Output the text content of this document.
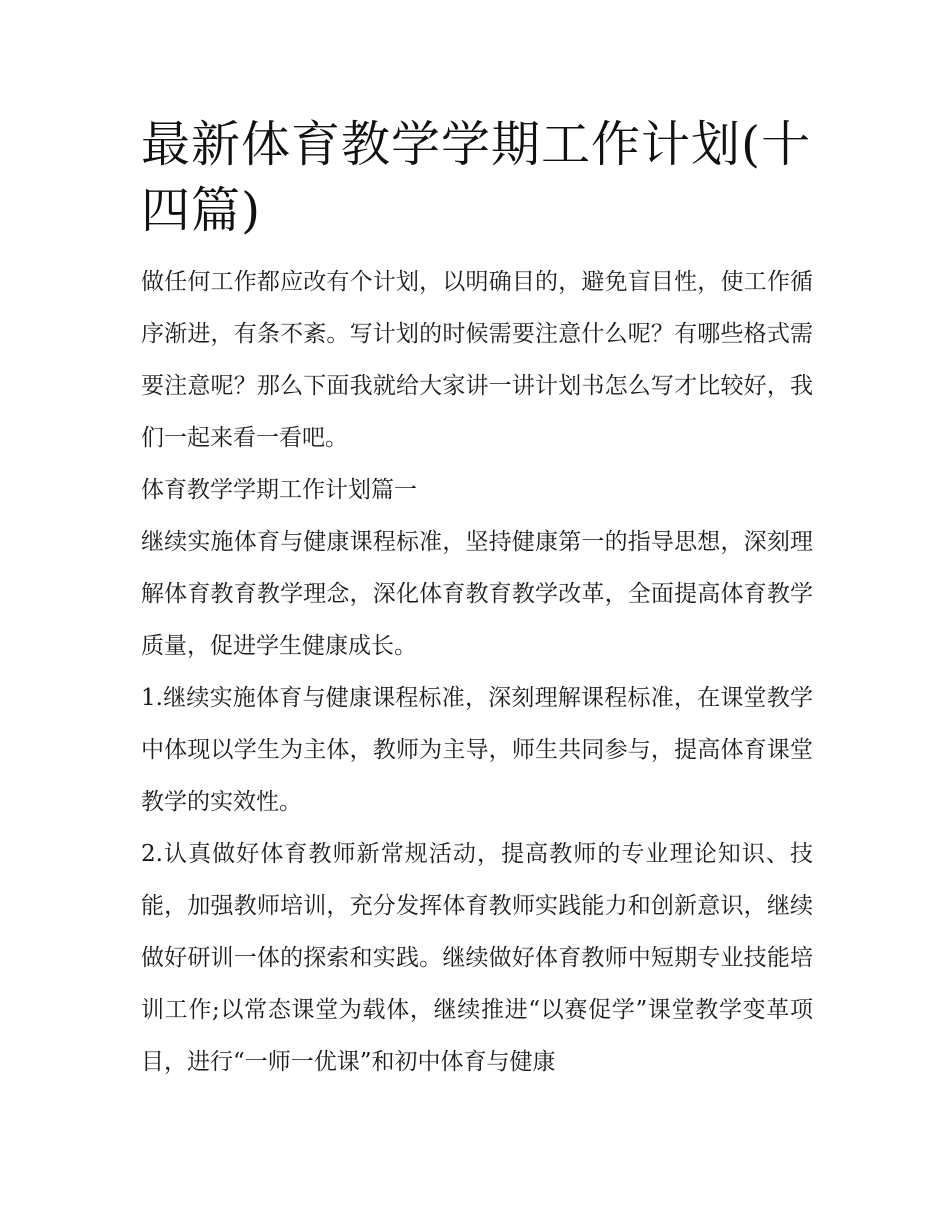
最新体育教学学期工作计划(十四篇)

做任何工作都应改有个计划，以明确目的，避免盲目性，使工作循序渐进，有条不紊。写计划的时候需要注意什么呢？有哪些格式需要注意呢？那么下面我就给大家讲一讲计划书怎么写才比较好，我们一起来看一看吧。

体育教学学期工作计划篇一

继续实施体育与健康课程标准，坚持健康第一的指导思想，深刻理解体育教育教学理念，深化体育教育教学改革，全面提高体育教学质量，促进学生健康成长。

1.继续实施体育与健康课程标准，深刻理解课程标准，在课堂教学中体现以学生为主体，教师为主导，师生共同参与，提高体育课堂教学的实效性。

2.认真做好体育教师新常规活动，提高教师的专业理论知识、技能，加强教师培训，充分发挥体育教师实践能力和创新意识，继续做好研训一体的探索和实践。继续做好体育教师中短期专业技能培训工作;以常态课堂为载体，继续推进“以赛促学”课堂教学变革项目，进行“一师一优课”和初中体育与健康
